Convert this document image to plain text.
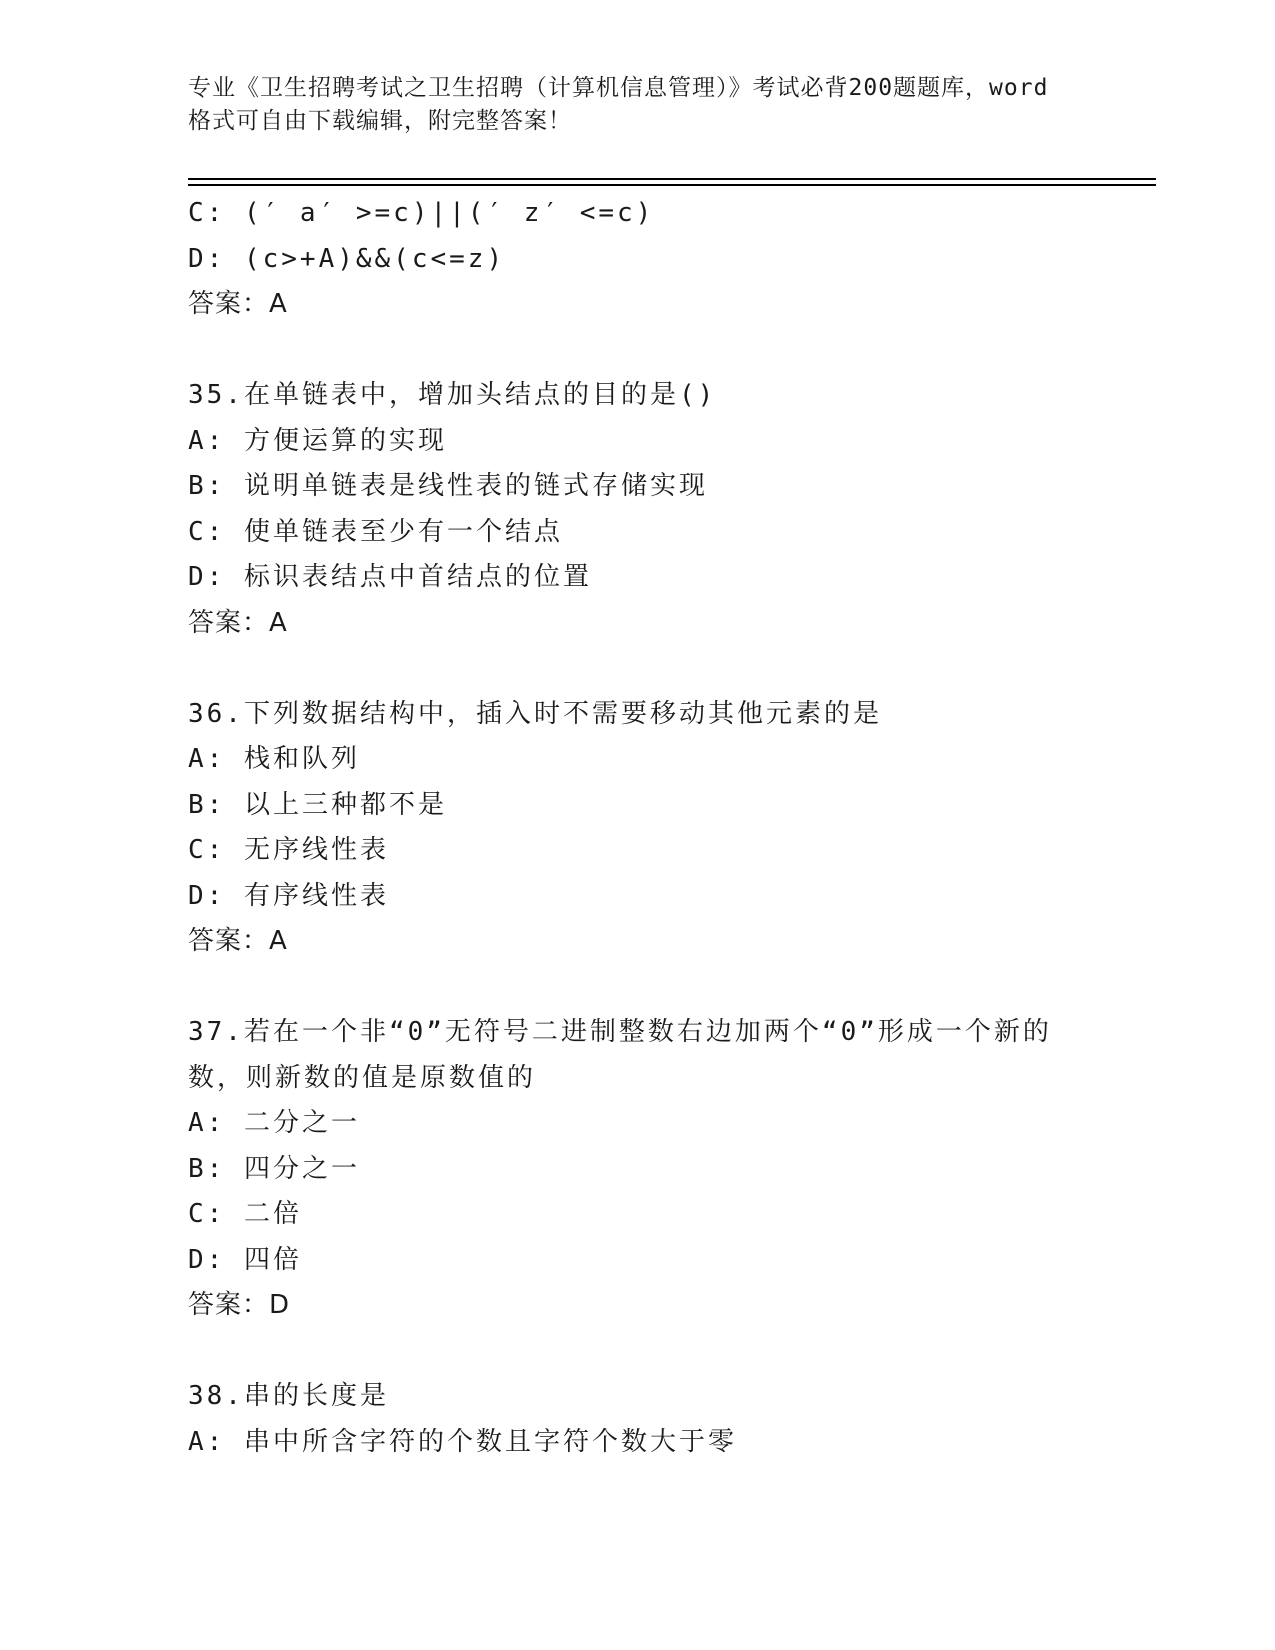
专业《卫生招聘考试之卫生招聘（计算机信息管理）》考试必背200题题库，word
格式可自由下载编辑，附完整答案！
C: (′ a′ >=c)||(′ z′ <=c)
D: (c>+A)&&(c<=z)
答案：A
35.在单链表中，增加头结点的目的是()
A: 方便运算的实现
B: 说明单链表是线性表的链式存储实现
C: 使单链表至少有一个结点
D: 标识表结点中首结点的位置
答案：A
36.下列数据结构中，插入时不需要移动其他元素的是
A: 栈和队列
B: 以上三种都不是
C: 无序线性表
D: 有序线性表
答案：A
37.若在一个非“0”无符号二进制整数右边加两个“0”形成一个新的数，则新数的值是原数值的
A: 二分之一
B: 四分之一
C: 二倍
D: 四倍
答案：D
38.串的长度是
A: 串中所含字符的个数且字符个数大于零
